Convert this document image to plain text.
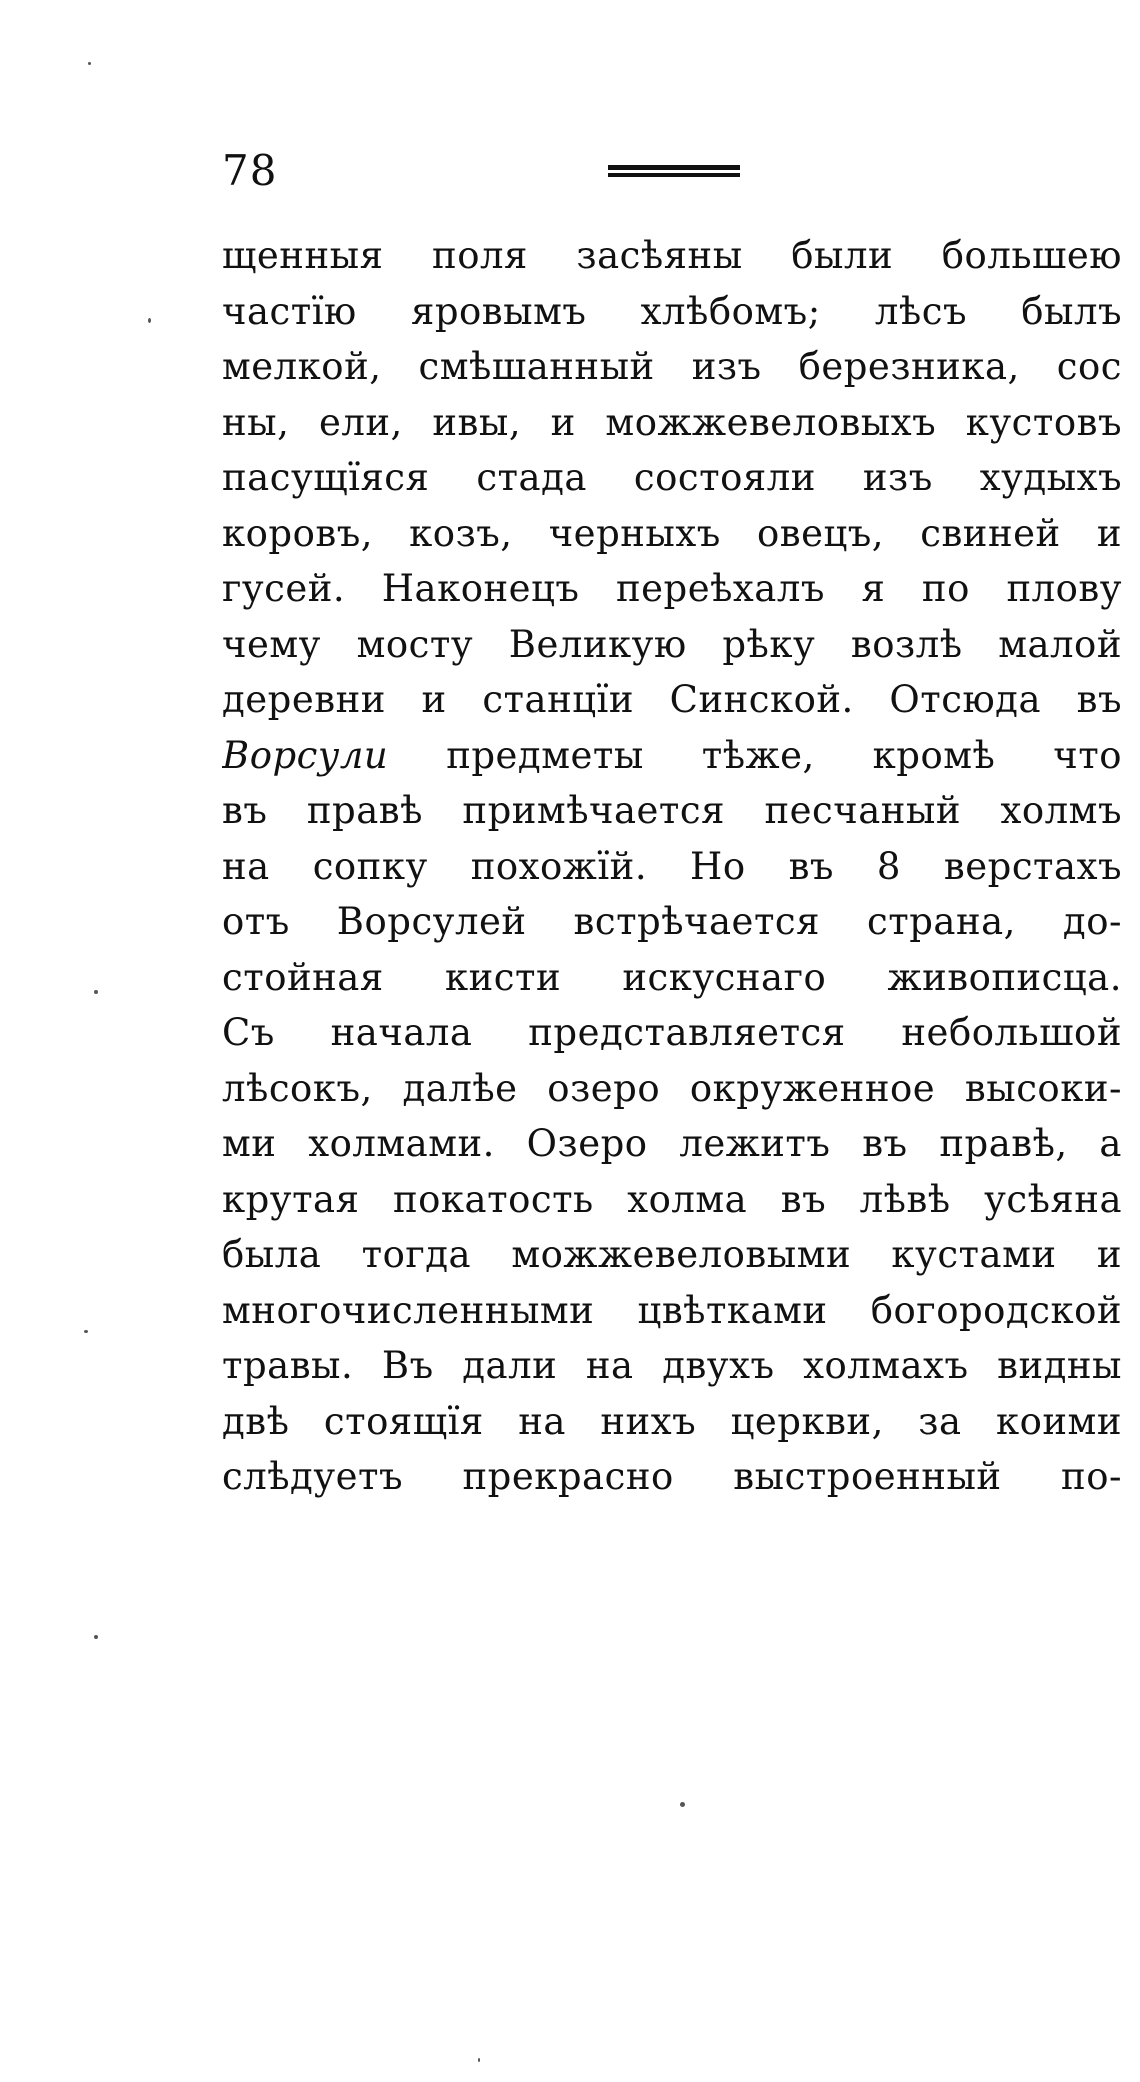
78
щенныя поля засѣяны были большею
частїю яровымъ хлѣбомъ; лѣсъ былъ
мелкой, смѣшанный изъ березника, сос
ны, ели, ивы, и можжевеловыхъ кустовъ
пасущїяся стада состояли изъ худыхъ
коровъ, козъ, черныхъ овецъ, свиней и
гусей. Наконецъ переѣхалъ я по плову
чему мосту Великую рѣку возлѣ малой
деревни и станцїи Синской. Отсюда въ
Ворсули предметы тѣже, кромѣ что
въ правѣ примѣчается песчаный холмъ
на сопку похожїй. Но въ 8 верстахъ
отъ Ворсулей встрѣчается страна, до-
стойная кисти искуснаго живописца.
Съ начала представляется небольшой
лѣсокъ, далѣе озеро окруженное высоки-
ми холмами. Озеро лежитъ въ правѣ, а
крутая покатость холма въ лѣвѣ усѣяна
была тогда можжевеловыми кустами и
многочисленными цвѣтками богородской
травы. Въ дали на двухъ холмахъ видны
двѣ стоящїя на нихъ церкви, за коими
слѣдуетъ прекрасно выстроенный по-
